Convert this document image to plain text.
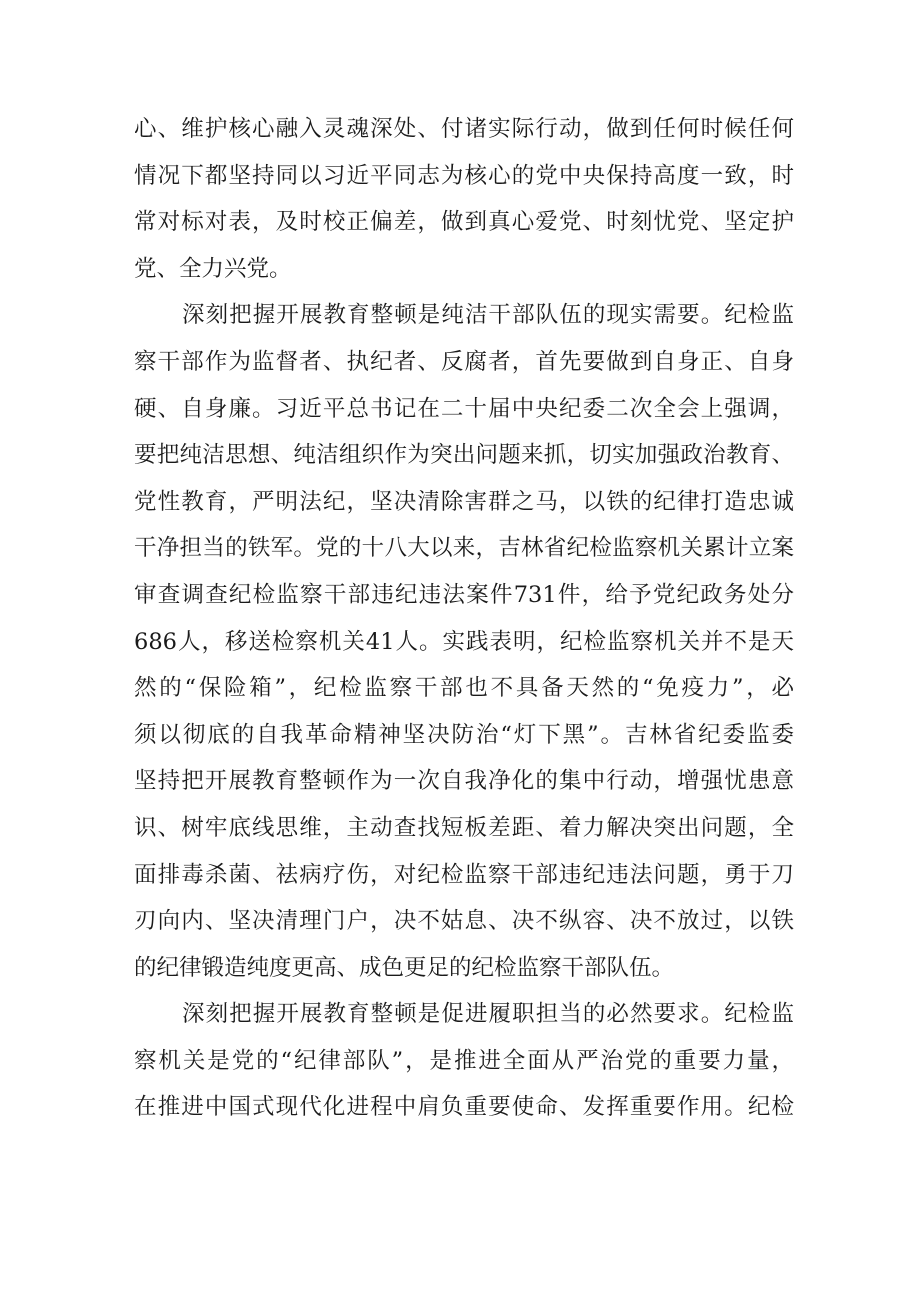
心、维护核心融入灵魂深处、付诸实际行动，做到任何时候任何
情况下都坚持同以习近平同志为核心的党中央保持高度一致，时
常对标对表，及时校正偏差，做到真心爱党、时刻忧党、坚定护
党、全力兴党。
深刻把握开展教育整顿是纯洁干部队伍的现实需要。纪检监
察干部作为监督者、执纪者、反腐者，首先要做到自身正、自身
硬、自身廉。习近平总书记在二十届中央纪委二次全会上强调，
要把纯洁思想、纯洁组织作为突出问题来抓，切实加强政治教育、
党性教育，严明法纪，坚决清除害群之马，以铁的纪律打造忠诚
干净担当的铁军。党的十八大以来，吉林省纪检监察机关累计立案
审查调查纪检监察干部违纪违法案件731件，给予党纪政务处分
686人，移送检察机关41人。实践表明，纪检监察机关并不是天
然的“保险箱”，纪检监察干部也不具备天然的“免疫力”，必
须以彻底的自我革命精神坚决防治“灯下黑”。吉林省纪委监委
坚持把开展教育整顿作为一次自我净化的集中行动，增强忧患意
识、树牢底线思维，主动查找短板差距、着力解决突出问题，全
面排毒杀菌、祛病疗伤，对纪检监察干部违纪违法问题，勇于刀
刃向内、坚决清理门户，决不姑息、决不纵容、决不放过，以铁
的纪律锻造纯度更高、成色更足的纪检监察干部队伍。
深刻把握开展教育整顿是促进履职担当的必然要求。纪检监
察机关是党的“纪律部队”，是推进全面从严治党的重要力量，
在推进中国式现代化进程中肩负重要使命、发挥重要作用。纪检
